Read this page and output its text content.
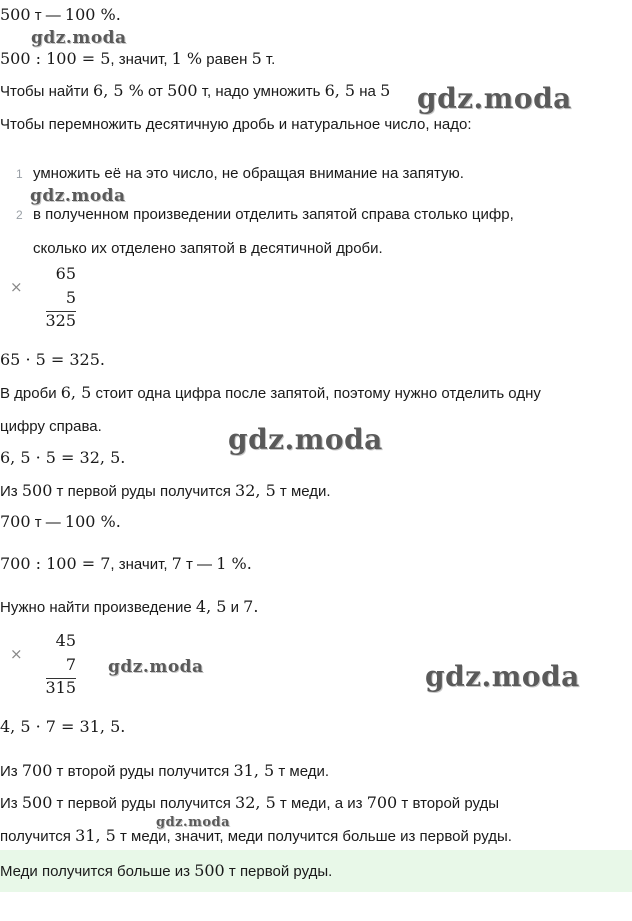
500 т — 100 %.
gdz.moda
500 : 100 = 5, значит, 1 % равен 5 т.
Чтобы найти 6, 5 % от 500 т, надо умножить 6, 5 на 5 gdz.moda
Чтобы перемножить десятичную дробь и натуральное число, надо:
1 умножить её на это число, не обращая внимание на запятую.
gdz.moda
2 в полученном произведении отделить запятой справа столько цифр,
сколько их отделено запятой в десятичной дроби.
×
65
5
325
65 · 5 = 325.
В дроби 6, 5 стоит одна цифра после запятой, поэтому нужно отделить одну
цифру справа.	gdz.moda
6, 5 · 5 = 32, 5.
Из 500 т первой руды получится 32, 5 т меди.
700 т — 100 %.
700 : 100 = 7, значит, 7 т — 1 %.
Нужно найти произведение 4, 5 и 7.
×
45
7
315
gdz.moda	gdz.moda
4, 5 · 7 = 31, 5.
Из 700 т второй руды получится 31, 5 т меди.
Из 500 т первой руды получится 32, 5 т меди, а из 700 т второй руды
gdz.moda
получится 31, 5 т меди, значит, меди получится больше из первой руды.
Меди получится больше из 500 т первой руды.
